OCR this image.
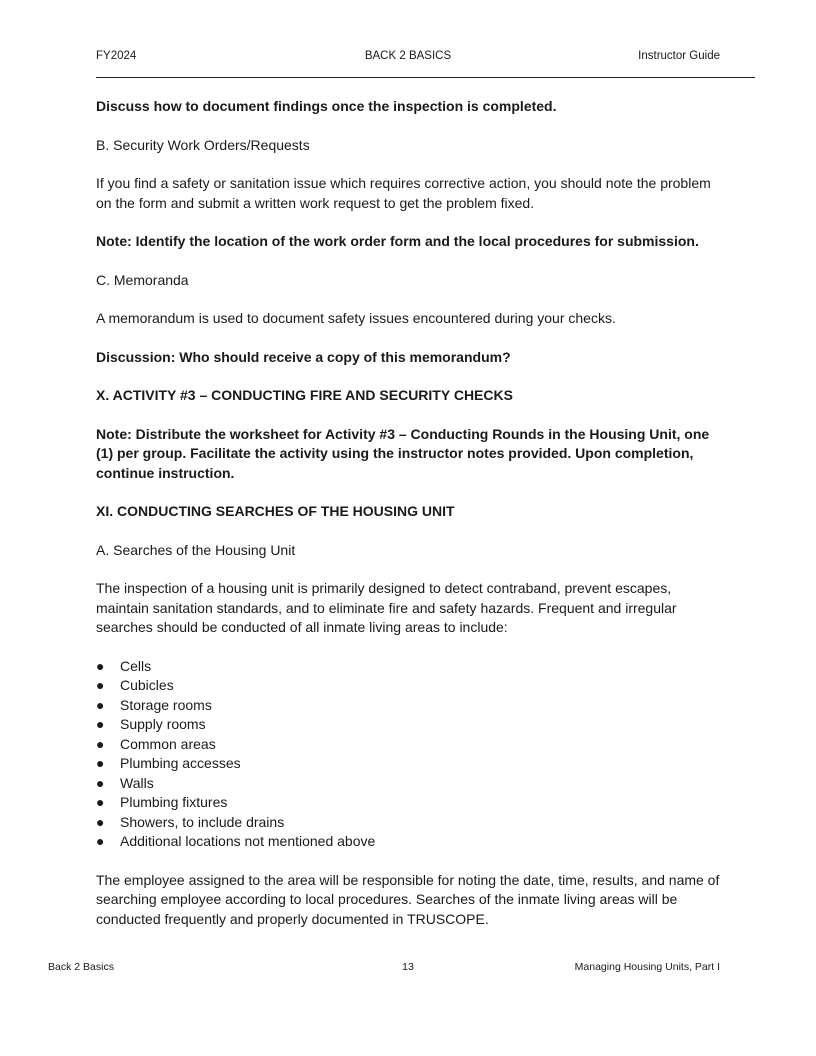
FY2024	BACK 2 BASICS	Instructor Guide

Discuss how to document findings once the inspection is completed.

B. Security Work Orders/Requests

If you find a safety or sanitation issue which requires corrective action, you should note the problem on the form and submit a written work request to get the problem fixed.

Note: Identify the location of the work order form and the local procedures for submission.

C. Memoranda

A memorandum is used to document safety issues encountered during your checks.

Discussion: Who should receive a copy of this memorandum?

X. ACTIVITY #3 – CONDUCTING FIRE AND SECURITY CHECKS

Note: Distribute the worksheet for Activity #3 – Conducting Rounds in the Housing Unit, one (1) per group. Facilitate the activity using the instructor notes provided. Upon completion, continue instruction.

XI. CONDUCTING SEARCHES OF THE HOUSING UNIT

A. Searches of the Housing Unit

The inspection of a housing unit is primarily designed to detect contraband, prevent escapes, maintain sanitation standards, and to eliminate fire and safety hazards. Frequent and irregular searches should be conducted of all inmate living areas to include:

● Cells
● Cubicles
● Storage rooms
● Supply rooms
● Common areas
● Plumbing accesses
● Walls
● Plumbing fixtures
● Showers, to include drains
● Additional locations not mentioned above

The employee assigned to the area will be responsible for noting the date, time, results, and name of searching employee according to local procedures. Searches of the inmate living areas will be conducted frequently and properly documented in TRUSCOPE.

Back 2 Basics	13	Managing Housing Units, Part I
